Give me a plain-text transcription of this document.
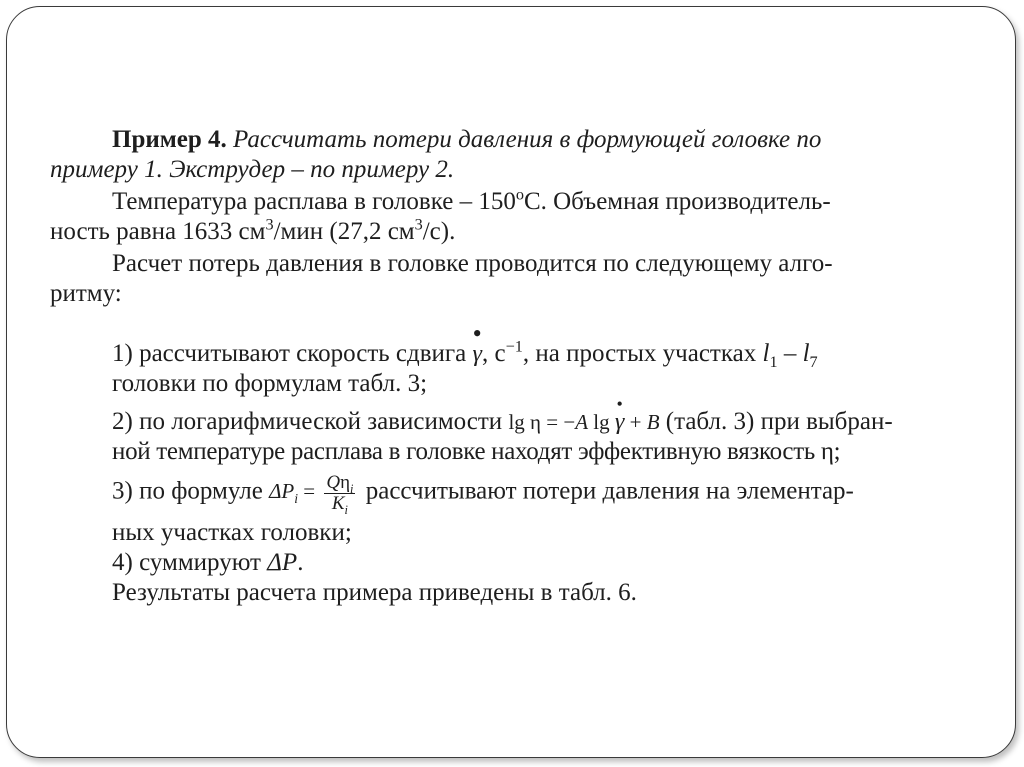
Пример 4. Рассчитать потери давления в формующей головке по

примеру 1. Экструдер – по примеру 2.

Температура расплава в головке – 150$^o$С. Объемная производитель-

ность равна 1633 $см^3$/мин (27,2 $см^3/с$).

Расчет потерь давления в головке проводится по следующему алго-

ритму:

1) рассчитывают скорость сдвига
•
γ, $с^{-1}$, на простых участках $l_1 - l_7$

головки по формулам табл. 3;

2) по логарифмической зависимости lg η = −A lg
•
γ + B (табл. 3) при выбран-

ной температуре расплава в головке находят эффективную вязкость η;

3) по формуле $\Delta P_i = \frac{Q\eta_i}{K_i}$ рассчитывают потери давления на элементар-

ных участках головки;

4) суммируют ΔP.

Результаты расчета примера приведены в табл. 6.
